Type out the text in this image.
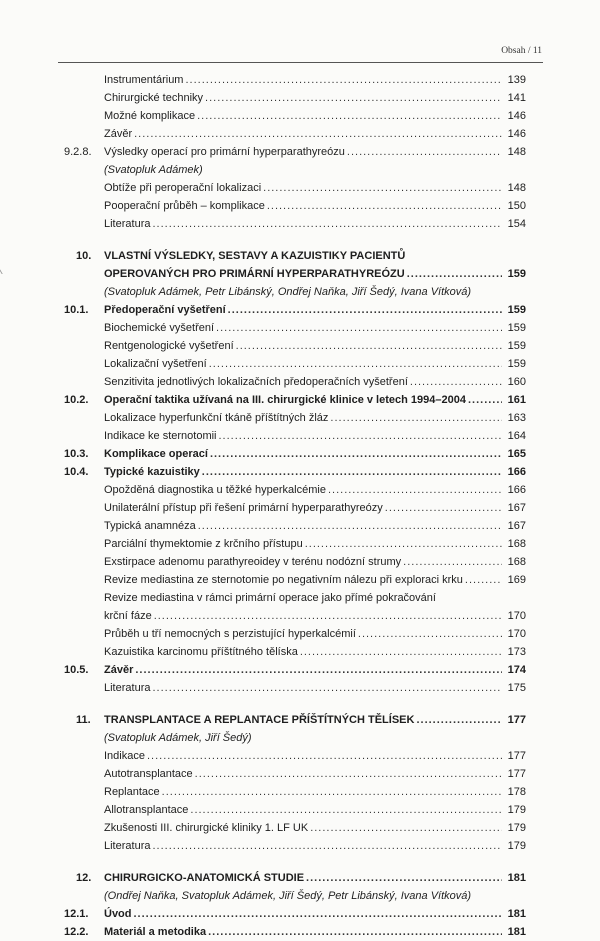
Obsah / 11
Instrumentárium .....	139
Chirurgické techniky .....	141
Možné komplikace .....	146
Závěr .....	146
9.2.8.	Výsledky operací pro primární hyperparathyreózu .....	148
(Svatopluk Adámek)
Obtíže při peroperační lokalizaci .....	148
Pooperační průběh – komplikace .....	150
Literatura .....	154
10.	VLASTNÍ VÝSLEDKY, SESTAVY A KAZUISTIKY PACIENTŮ
OPEROVANÝCH PRO PRIMÁRNÍ HYPERPARATHYREÓZU .....	159
(Svatopluk Adámek, Petr Libánský, Ondřej Naňka, Jiří Šedý, Ivana Vítková)
10.1.	Předoperační vyšetření .....	159
Biochemické vyšetření .....	159
Rentgenologické vyšetření .....	159
Lokalizační vyšetření .....	159
Senzitivita jednotlivých lokalizačních předoperačních vyšetření .....	160
10.2.	Operační taktika užívaná na III. chirurgické klinice v letech 1994–2004 .....	161
Lokalizace hyperfunkční tkáně příštítných žláz .....	163
Indikace ke sternotomii .....	164
10.3.	Komplikace operací .....	165
10.4.	Typické kazuistiky .....	166
Opožděná diagnostika u těžké hyperkalcémie .....	166
Unilaterální přístup při řešení primární hyperparathyreózy .....	167
Typická anamnéza .....	167
Parciální thymektomie z krčního přístupu .....	168
Exstirpace adenomu parathyreoidey v terénu nodózní strumy .....	168
Revize mediastina ze sternotomie po negativním nálezu při exploraci krku .....	169
Revize mediastina v rámci primární operace jako přímé pokračování
krční fáze .....	170
Průběh u tří nemocných s perzistující hyperkalcémií .....	170
Kazuistika karcinomu příštítného tělíska .....	173
10.5.	Závěr .....	174
Literatura .....	175
11.	TRANSPLANTACE A REPLANTACE PŘÍŠTÍTNÝCH TĚLÍSEK .....	177
(Svatopluk Adámek, Jiří Šedý)
Indikace .....	177
Autotransplantace .....	177
Replantace .....	178
Allotransplantace .....	179
Zkušenosti III. chirurgické kliniky 1. LF UK .....	179
Literatura .....	179
12.	CHIRURGICKO-ANATOMICKÁ STUDIE .....	181
(Ondřej Naňka, Svatopluk Adámek, Jiří Šedý, Petr Libánský, Ivana Vítková)
12.1.	Úvod .....	181
12.2.	Materiál a metodika .....	181
